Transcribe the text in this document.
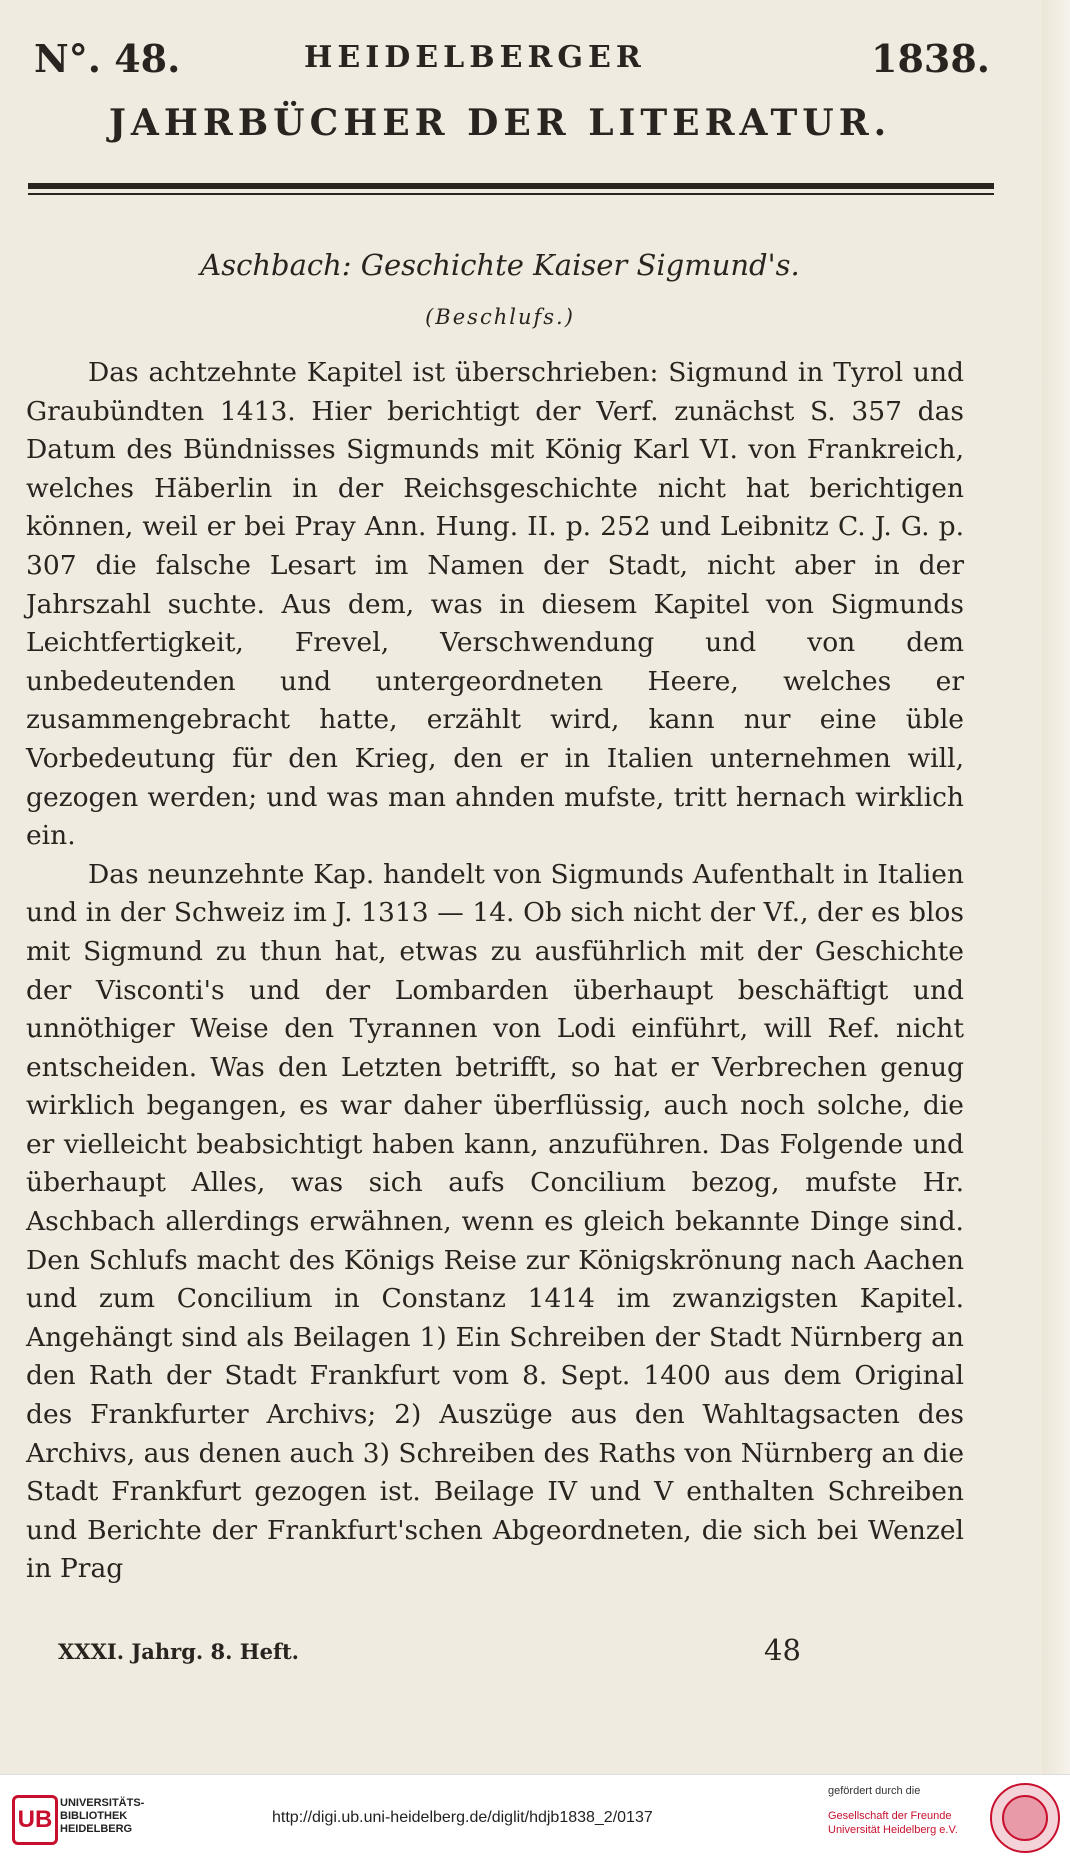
N°. 48.	HEIDELBERGER	1838.
JAHRBÜCHER DER LITERATUR.
Aschbach: Geschichte Kaiser Sigmund's.
(Beschlufs.)

Das achtzehnte Kapitel ist überschrieben: Sigmund in Tyrol und Graubündten 1413. Hier berichtigt der Verf. zunächst S. 357 das Datum des Bündnisses Sigmunds mit König Karl VI. von Frankreich, welches Häberlin in der Reichsgeschichte nicht hat berichtigen können, weil er bei Pray Ann. Hung. II. p. 252 und Leibnitz C. J. G. p. 307 die falsche Lesart im Namen der Stadt, nicht aber in der Jahrszahl suchte. Aus dem, was in diesem Kapitel von Sigmunds Leichtfertigkeit, Frevel, Verschwendung und von dem unbedeutenden und untergeordneten Heere, welches er zusammengebracht hatte, erzählt wird, kann nur eine üble Vorbedeutung für den Krieg, den er in Italien unternehmen will, gezogen werden; und was man ahnden mufste, tritt hernach wirklich ein.

Das neunzehnte Kap. handelt von Sigmunds Aufenthalt in Italien und in der Schweiz im J. 1313 — 14. Ob sich nicht der Vf., der es blos mit Sigmund zu thun hat, etwas zu ausführlich mit der Geschichte der Visconti's und der Lombarden überhaupt beschäftigt und unnöthiger Weise den Tyrannen von Lodi einführt, will Ref. nicht entscheiden. Was den Letzten betrifft, so hat er Verbrechen genug wirklich begangen, es war daher überflüssig, auch noch solche, die er vielleicht beabsichtigt haben kann, anzuführen. Das Folgende und überhaupt Alles, was sich aufs Concilium bezog, mufste Hr. Aschbach allerdings erwähnen, wenn es gleich bekannte Dinge sind. Den Schlufs macht des Königs Reise zur Königskrönung nach Aachen und zum Concilium in Constanz 1414 im zwanzigsten Kapitel. Angehängt sind als Beilagen 1) Ein Schreiben der Stadt Nürnberg an den Rath der Stadt Frankfurt vom 8. Sept. 1400 aus dem Original des Frankfurter Archivs; 2) Auszüge aus den Wahltagsacten des Archivs, aus denen auch 3) Schreiben des Raths von Nürnberg an die Stadt Frankfurt gezogen ist. Beilage IV und V enthalten Schreiben und Berichte der Frankfurt'schen Abgeordneten, die sich bei Wenzel in Prag

XXXI. Jahrg. 8. Heft.	48
UB
UNIVERSITÄTS-
BIBLIOTHEK
HEIDELBERG
http://digi.ub.uni-heidelberg.de/diglit/hdjb1838_2/0137
gefördert durch die
Gesellschaft der Freunde
Universität Heidelberg e.V.
